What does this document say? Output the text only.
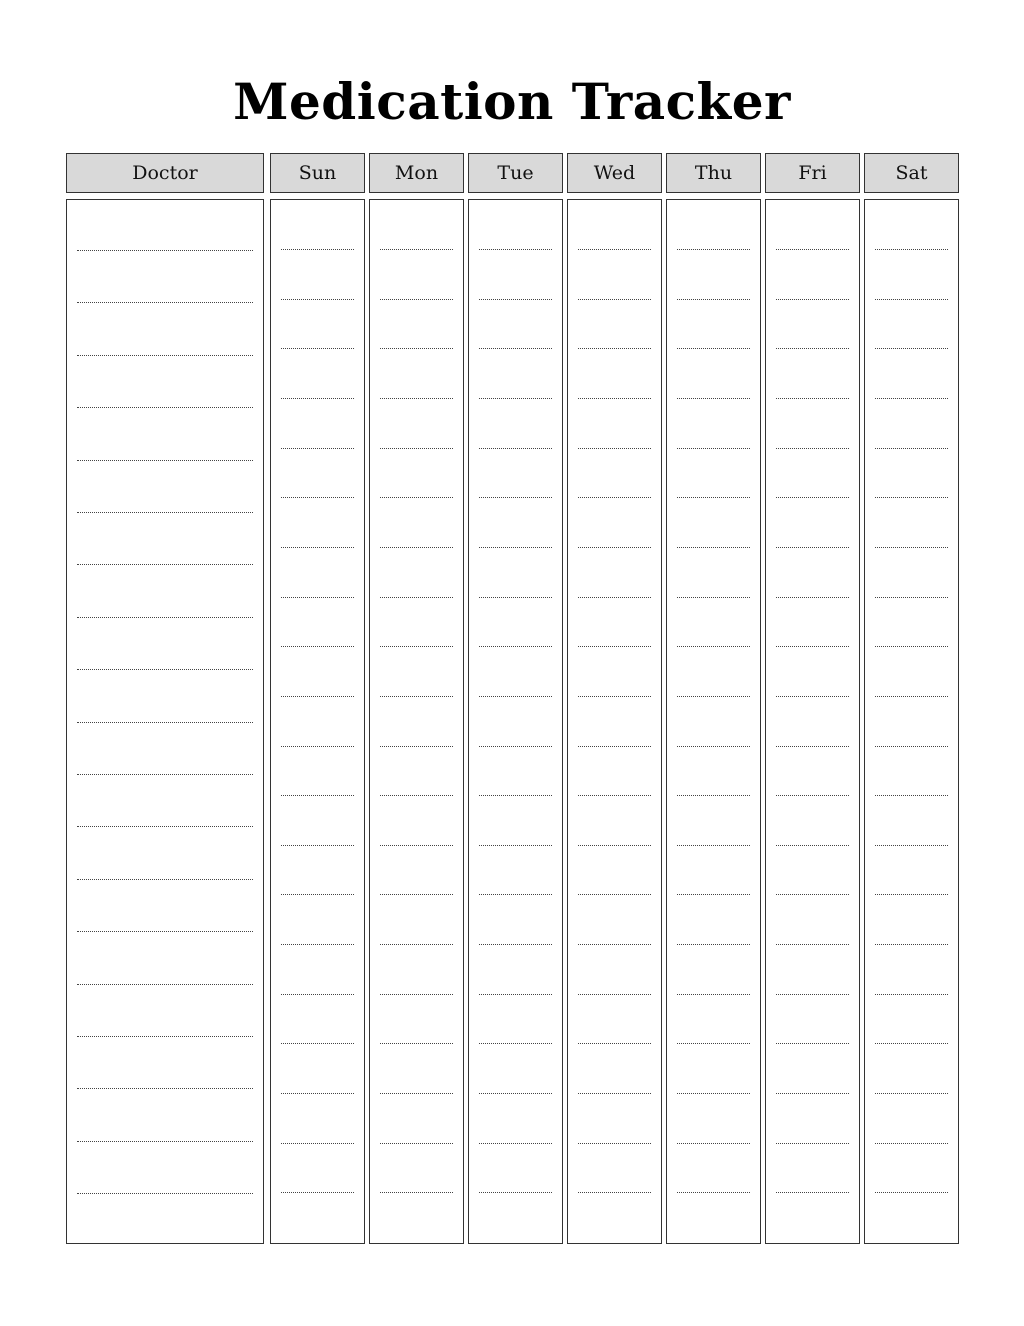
Medication Tracker
Doctor	Sun	Mon	Tue	Wed	Thu	Fri	Sat
